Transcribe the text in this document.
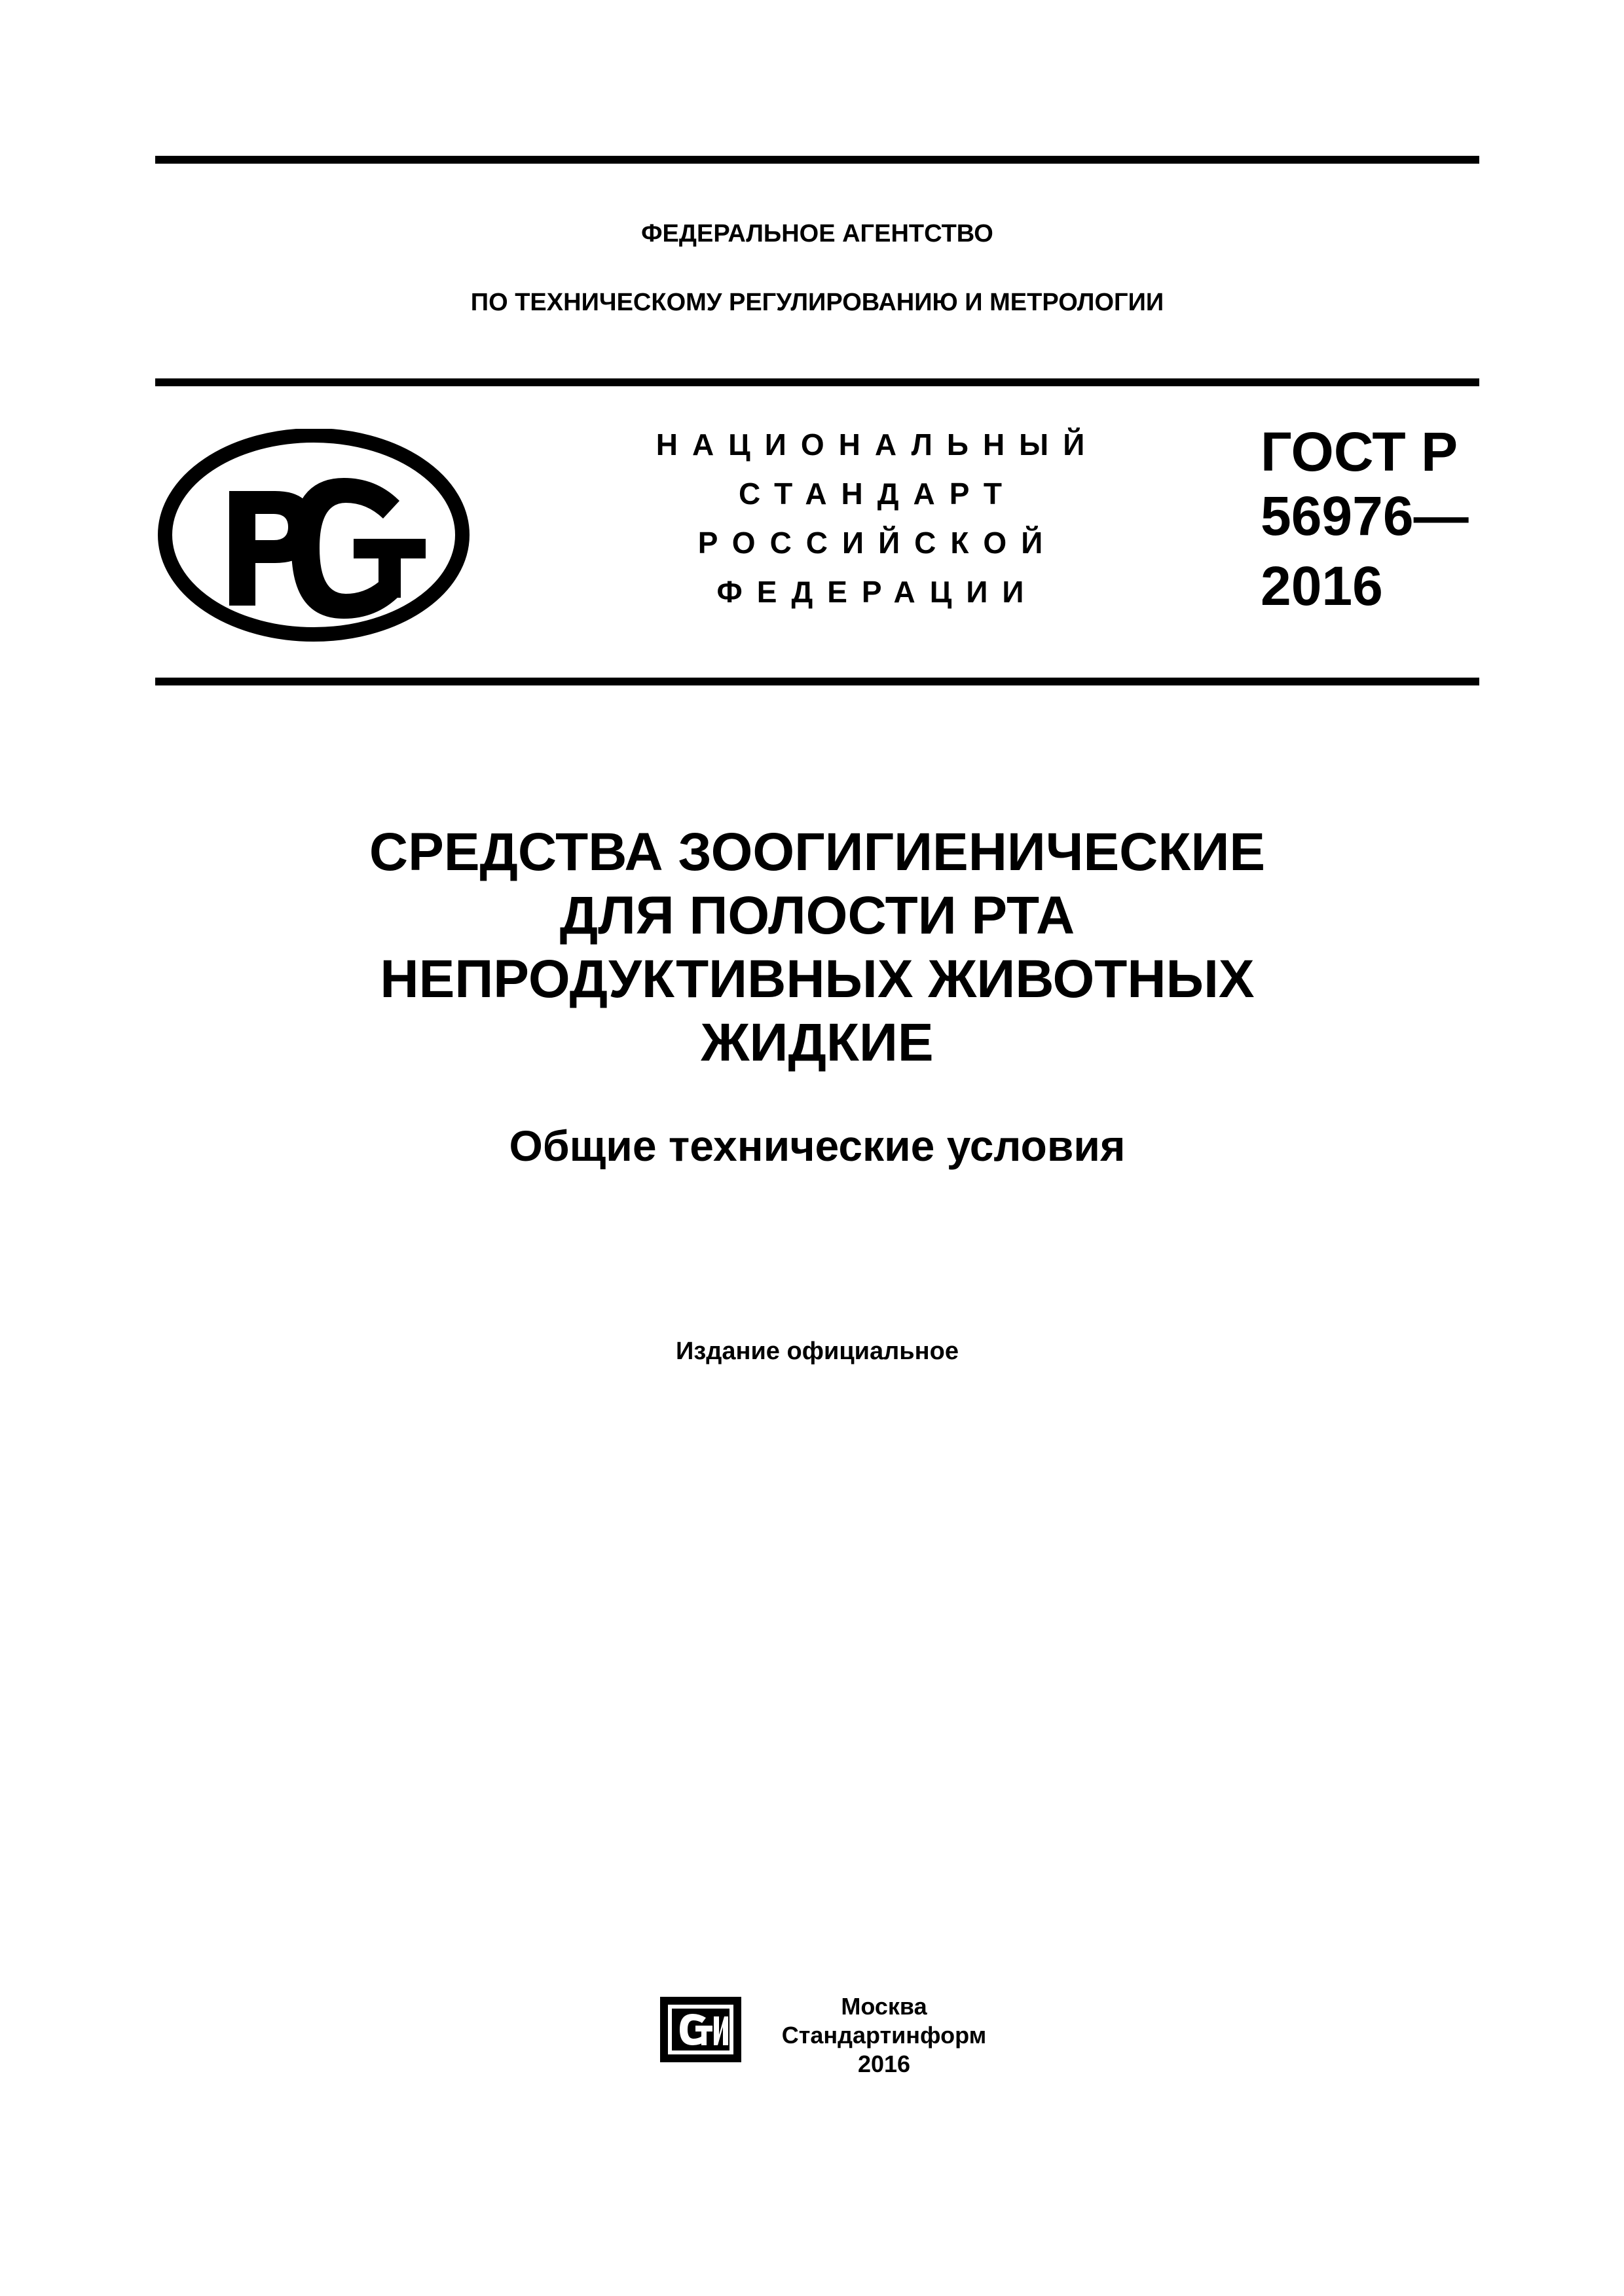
ФЕДЕРАЛЬНОЕ АГЕНТСТВО
ПО ТЕХНИЧЕСКОМУ РЕГУЛИРОВАНИЮ И МЕТРОЛОГИИ
НАЦИОНАЛЬНЫЙ
СТАНДАРТ
РОССИЙСКОЙ
ФЕДЕРАЦИИ
ГОСТ Р
56976—
2016
СРЕДСТВА ЗООГИГИЕНИЧЕСКИЕ
ДЛЯ ПОЛОСТИ РТА
НЕПРОДУКТИВНЫХ ЖИВОТНЫХ
ЖИДКИЕ
Общие технические условия
Издание официальное
Москва
Стандартинформ
2016
